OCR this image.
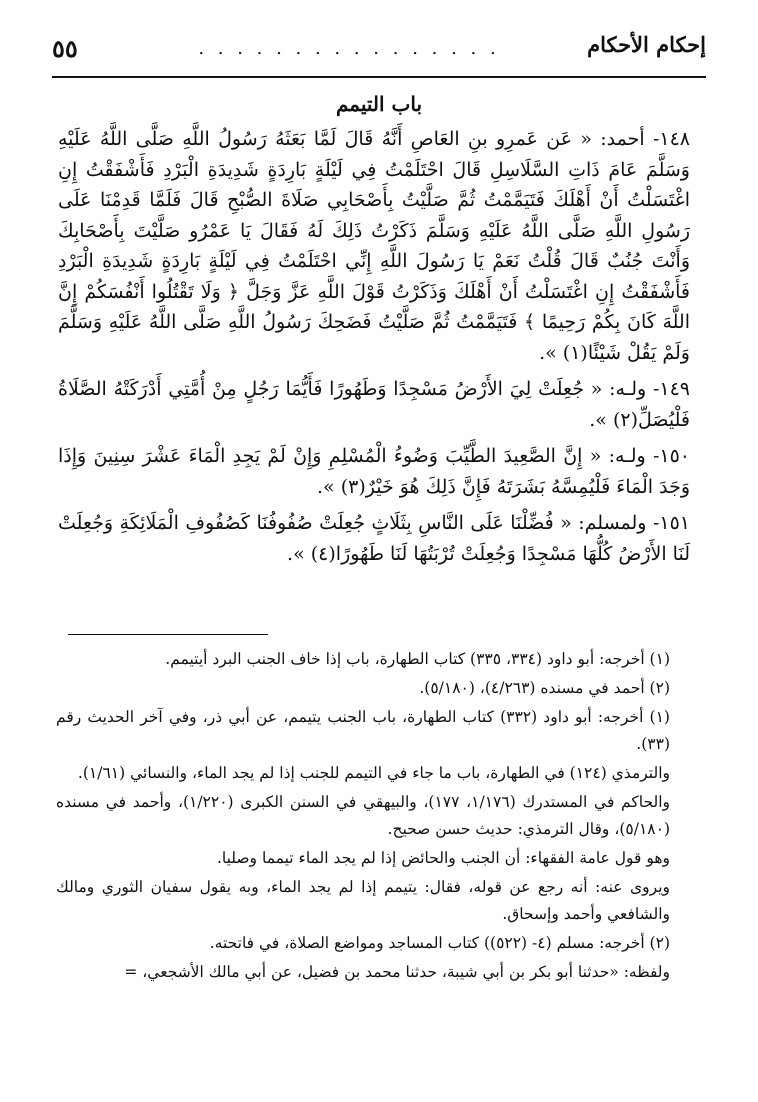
إحكام الأحكام
. . . . . . . . . . . . . . . .
٥٥
باب التيمم

١٤٨- أحمد: « عَن عَمرِو بنِ العَاصِ أَنَّهُ قَالَ لَمَّا بَعَثَهُ رَسُولُ اللَّهِ صَلَّى اللَّهُ عَلَيْهِ وَسَلَّمَ عَامَ ذَاتِ السَّلَاسِلِ قَالَ احْتَلَمْتُ فِي لَيْلَةٍ بَارِدَةٍ شَدِيدَةِ الْبَرْدِ فَأَشْفَقْتُ إِنِ اغْتَسَلْتُ أَنْ أَهْلَكَ فَتَيَمَّمْتُ ثُمَّ صَلَّيْتُ بِأَصْحَابِي صَلَاةَ الصُّبْحِ قَالَ فَلَمَّا قَدِمْنَا عَلَى رَسُولِ اللَّهِ صَلَّى اللَّهُ عَلَيْهِ وَسَلَّمَ ذَكَرْتُ ذَلِكَ لَهُ فَقَالَ يَا عَمْرُو صَلَّيْتَ بِأَصْحَابِكَ وَأَنْتَ جُنُبٌ قَالَ قُلْتُ نَعَمْ يَا رَسُولَ اللَّهِ إِنِّي احْتَلَمْتُ فِي لَيْلَةٍ بَارِدَةٍ شَدِيدَةِ الْبَرْدِ فَأَشْفَقْتُ إِنِ اغْتَسَلْتُ أَنْ أَهْلَكَ وَذَكَرْتُ قَوْلَ اللَّهِ عَزَّ وَجَلَّ ﴿ وَلَا تَقْتُلُوا أَنْفُسَكُمْ إِنَّ اللَّهَ كَانَ بِكُمْ رَحِيمًا ﴾ فَتَيَمَّمْتُ ثُمَّ صَلَّيْتُ فَضَحِكَ رَسُولُ اللَّهِ صَلَّى اللَّهُ عَلَيْهِ وَسَلَّمَ وَلَمْ يَقُلْ شَيْئًا(١) ».

١٤٩- ولـه: « جُعِلَتْ لِيَ الأَرْضُ مَسْجِدًا وَطَهُورًا فَأَيُّمَا رَجُلٍ مِنْ أُمَّتِي أَدْرَكَتْهُ الصَّلَاةُ فَلْيُصَلِّ(٢) ».

١٥٠- ولـه: « إِنَّ الصَّعِيدَ الطَّيِّبَ وَضُوءُ الْمُسْلِمِ وَإِنْ لَمْ يَجِدِ الْمَاءَ عَشْرَ سِنِينَ وَإِذَا وَجَدَ الْمَاءَ فَلْيُمِسَّهُ بَشَرَتَهُ فَإِنَّ ذَلِكَ هُوَ خَيْرٌ(٣) ».

١٥١- ولمسلم: « فُضِّلْنَا عَلَى النَّاسِ بِثَلَاثٍ جُعِلَتْ صُفُوفُنَا كَصُفُوفِ الْمَلَائِكَةِ وَجُعِلَتْ لَنَا الأَرْضُ كُلُّهَا مَسْجِدًا وَجُعِلَتْ تُرْبَتُهَا لَنَا طَهُورًا(٤) ».

(١) أخرجه: أبو داود (٣٣٤، ٣٣٥) كتاب الطهارة، باب إذا خاف الجنب البرد أيتيمم.

(٢) أحمد في مسنده (٤/٢٦٣)، (٥/١٨٠).

(١) أخرجه: أبو داود (٣٣٢) كتاب الطهارة، باب الجنب يتيمم، عن أبي ذر، وفي آخر الحديث رقم (٣٣).

والترمذي (١٢٤) في الطهارة، باب ما جاء في التيمم للجنب إذا لم يجد الماء، والنسائي (١/٦١).

والحاكم في المستدرك (١/١٧٦، ١٧٧)، والبيهقي في السنن الكبرى (١/٢٢٠)، وأحمد في مسنده (٥/١٨٠)، وقال الترمذي: حديث حسن صحيح.

وهو قول عامة الفقهاء: أن الجنب والحائض إذا لم يجد الماء تيمما وصليا.

ويروى عنه: أنه رجع عن قوله، فقال: يتيمم إذا لم يجد الماء، وبه يقول سفيان الثوري ومالك والشافعي وأحمد وإسحاق.

(٢) أخرجه: مسلم (٤- (٥٢٢)) كتاب المساجد ومواضع الصلاة، في فاتحته.

ولفظه: «حدثنا أبو بكر بن أبي شيبة، حدثنا محمد بن فضيل، عن أبي مالك الأشجعي، =
